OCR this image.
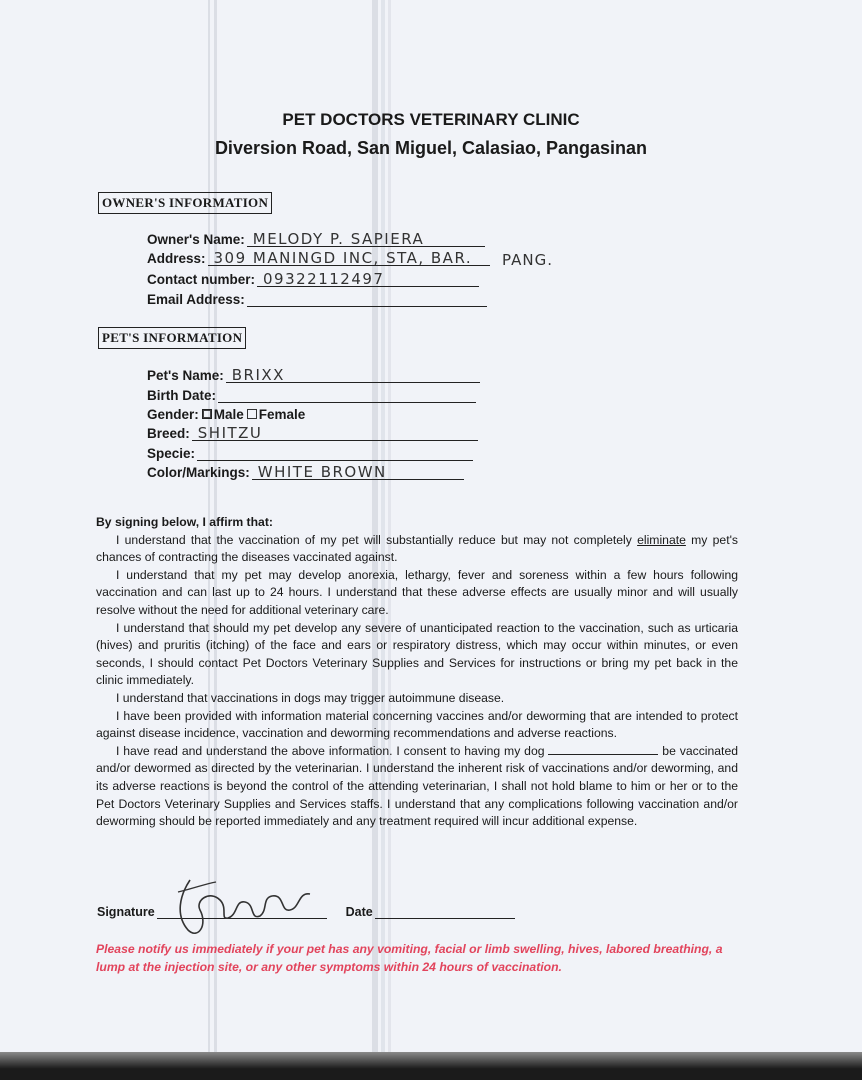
PET DOCTORS VETERINARY CLINIC
Diversion Road, San Miguel, Calasiao, Pangasinan
OWNER'S INFORMATION
Owner's Name: MELODY P. SAPIERA
Address: 309 MANINGD INC, STA, BAR. PANG.
Contact number: 09322112497
Email Address:
PET'S INFORMATION
Pet's Name: BRIXX
Birth Date:
Gender: Male Female
Breed: SHITZU
Specie:
Color/Markings: WHITE BROWN

By signing below, I affirm that:

I understand that the vaccination of my pet will substantially reduce but may not completely eliminate my pet's chances of contracting the diseases vaccinated against.

I understand that my pet may develop anorexia, lethargy, fever and soreness within a few hours following vaccination and can last up to 24 hours. I understand that these adverse effects are usually minor and will usually resolve without the need for additional veterinary care.

I understand that should my pet develop any severe of unanticipated reaction to the vaccination, such as urticaria (hives) and pruritis (itching) of the face and ears or respiratory distress, which may occur within minutes, or even seconds, I should contact Pet Doctors Veterinary Supplies and Services for instructions or bring my pet back in the clinic immediately.

I understand that vaccinations in dogs may trigger autoimmune disease.

I have been provided with information material concerning vaccines and/or deworming that are intended to protect against disease incidence, vaccination and deworming recommendations and adverse reactions.

I have read and understand the above information. I consent to having my dog	be vaccinated and/or dewormed as directed by the veterinarian. I understand the inherent risk of vaccinations and/or deworming, and its adverse reactions is beyond the control of the attending veterinarian, I shall not hold blame to him or her or to the Pet Doctors Veterinary Supplies and Services staffs. I understand that any complications following vaccination and/or deworming should be reported immediately and any treatment required will incur additional expense.

Signature	Date
Please notify us immediately if your pet has any vomiting, facial or limb swelling, hives, labored breathing, a lump at the injection site, or any other symptoms within 24 hours of vaccination.
